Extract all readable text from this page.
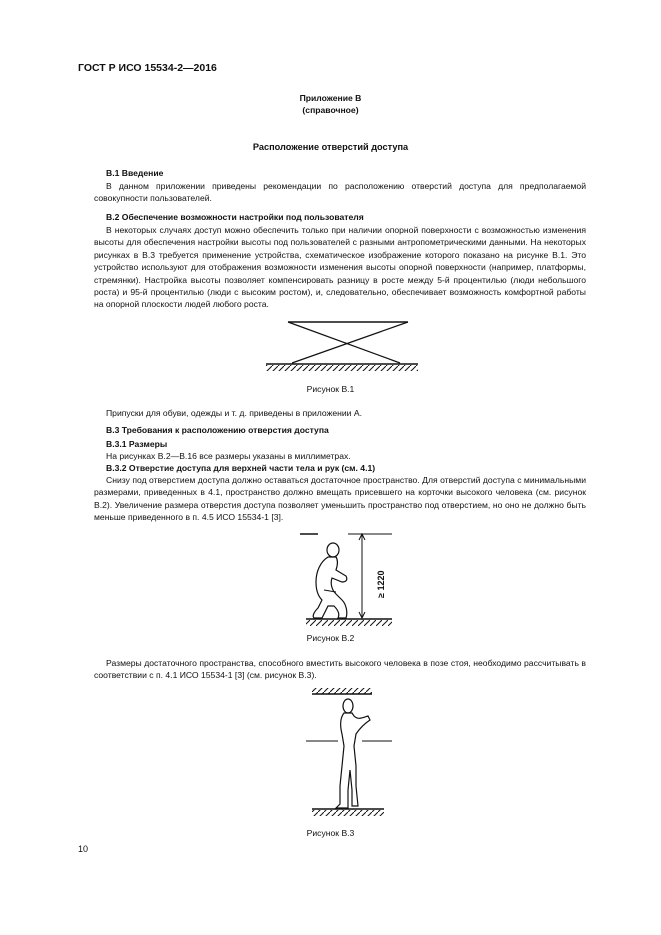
ГОСТ Р ИСО 15534-2—2016
Приложение В
(справочное)
Расположение отверстий доступа
В.1 Введение

В данном приложении приведены рекомендации по расположению отверстий доступа для предполагаемой совокупности пользователей.

В.2 Обеспечение возможности настройки под пользователя

В некоторых случаях доступ можно обеспечить только при наличии опорной поверхности с возможностью изменения высоты для обеспечения настройки высоты под пользователей с разными антропометрическими данными. На некоторых рисунках в В.3 требуется применение устройства, схематическое изображение которого показано на рисунке В.1. Это устройство используют для отображения возможности изменения высоты опорной поверхности (например, платформы, стремянки). Настройка высоты позволяет компенсировать разницу в росте между 5-й процентилью (люди небольшого роста) и 95-й процентилью (люди с высоким ростом), и, следовательно, обеспечивает возможность комфортной работы на опорной плоскости людей любого роста.

Рисунок В.1

Припуски для обуви, одежды и т. д. приведены в приложении А.

В.3 Требования к расположению отверстия доступа
В.3.1 Размеры

На рисунках В.2—В.16 все размеры указаны в миллиметрах.

В.3.2 Отверстие доступа для верхней части тела и рук (см. 4.1)

Снизу под отверстием доступа должно оставаться достаточное пространство. Для отверстий доступа с минимальными размерами, приведенных в 4.1, пространство должно вмещать присевшего на корточки высокого человека (см. рисунок В.2). Увеличение размера отверстия доступа позволяет уменьшить пространство под отверстием, но оно не должно быть меньше приведенного в п. 4.5 ИСО 15534-1 [3].

≥ 1220
Рисунок В.2

Размеры достаточного пространства, способного вместить высокого человека в позе стоя, необходимо рассчитывать в соответствии с п. 4.1 ИСО 15534-1 [3] (см. рисунок В.3).

Рисунок В.3
10
